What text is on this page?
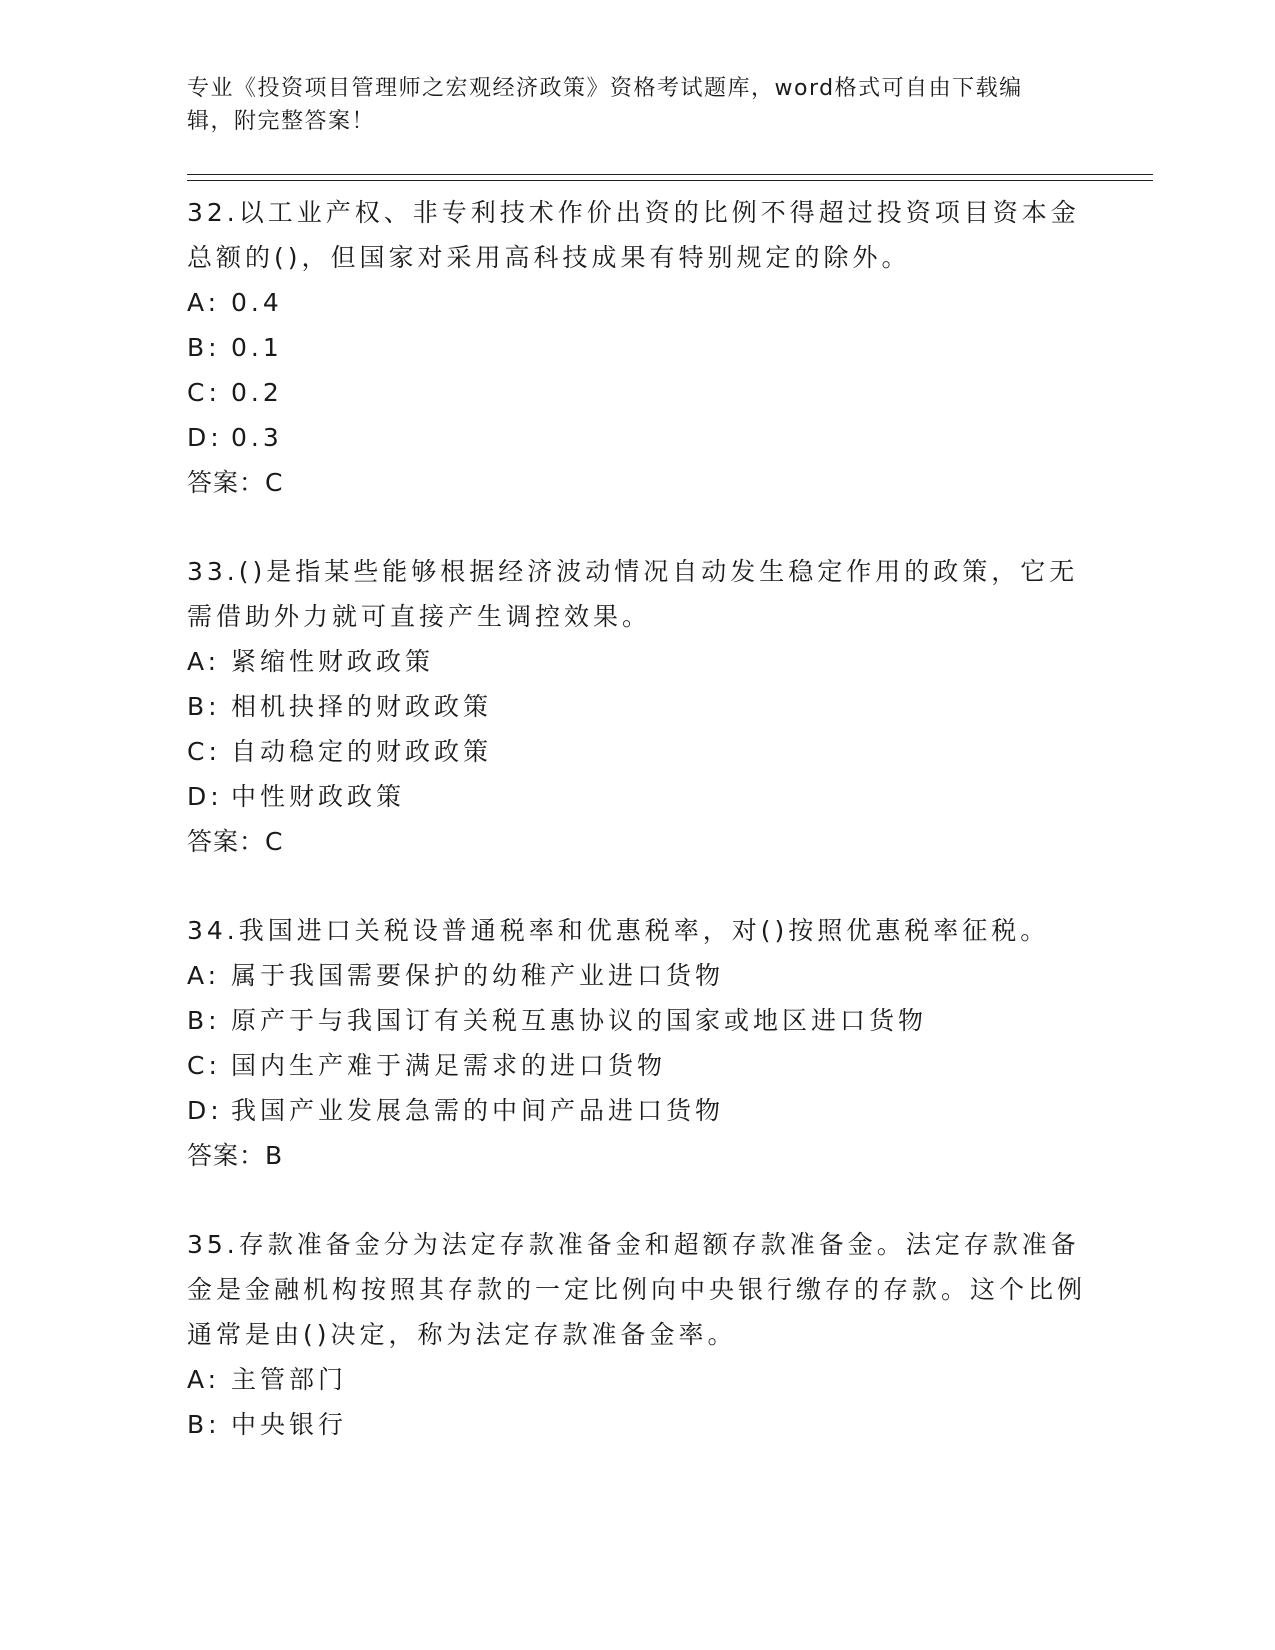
专业《投资项目管理师之宏观经济政策》资格考试题库，word格式可自由下载编辑，附完整答案！

32.以工业产权、非专利技术作价出资的比例不得超过投资项目资本金总额的()，但国家对采用高科技成果有特别规定的除外。

A: 0.4
B: 0.1
C: 0.2
D: 0.3

答案：C

33.()是指某些能够根据经济波动情况自动发生稳定作用的政策，它无需借助外力就可直接产生调控效果。

A: 紧缩性财政政策
B: 相机抉择的财政政策
C: 自动稳定的财政政策
D: 中性财政政策

答案：C

34.我国进口关税设普通税率和优惠税率，对()按照优惠税率征税。

A: 属于我国需要保护的幼稚产业进口货物
B: 原产于与我国订有关税互惠协议的国家或地区进口货物
C: 国内生产难于满足需求的进口货物
D: 我国产业发展急需的中间产品进口货物

答案：B

35.存款准备金分为法定存款准备金和超额存款准备金。法定存款准备金是金融机构按照其存款的一定比例向中央银行缴存的存款。这个比例通常是由()决定，称为法定存款准备金率。

A: 主管部门
B: 中央银行
